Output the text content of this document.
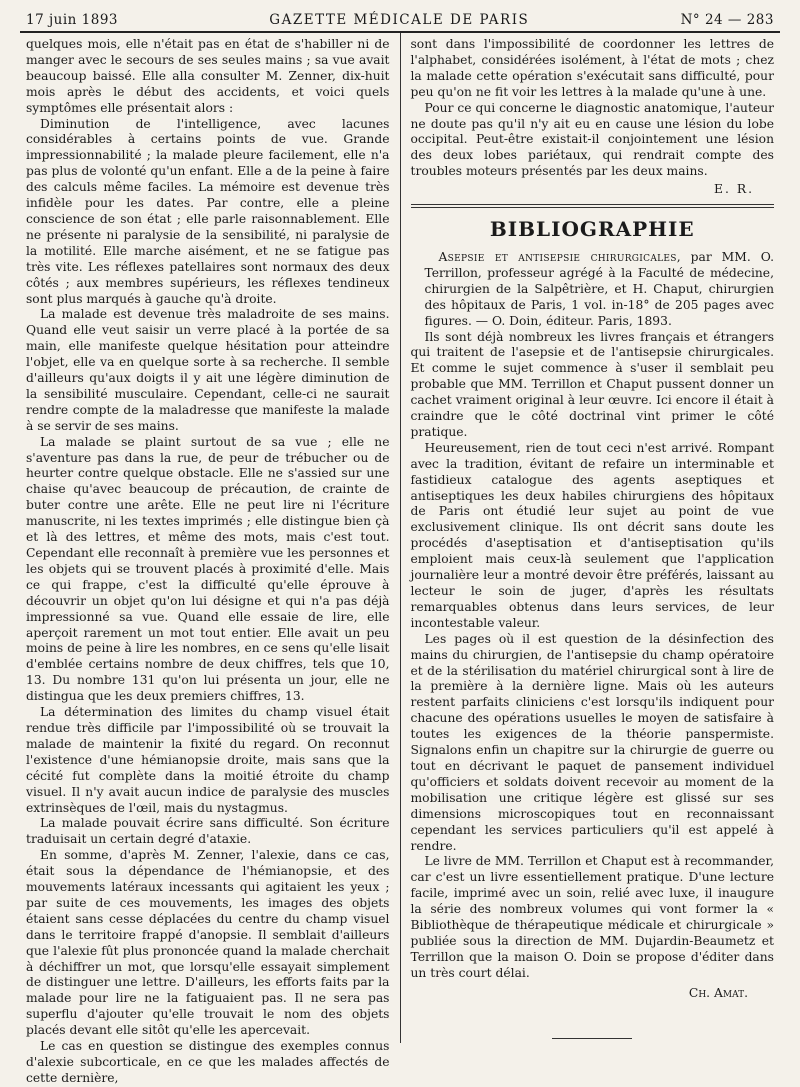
17 juin 1893	GAZETTE MÉDICALE DE PARIS	N° 24 — 283

quelques mois, elle n'était pas en état de s'habiller ni de manger avec le secours de ses seules mains ; sa vue avait beaucoup baissé. Elle alla consulter M. Zenner, dix-huit mois après le début des accidents, et voici quels symptômes elle présentait alors :

Diminution de l'intelligence, avec lacunes considérables à certains points de vue. Grande impressionnabilité ; la malade pleure facilement, elle n'a pas plus de volonté qu'un enfant. Elle a de la peine à faire des calculs même faciles. La mémoire est devenue très infidèle pour les dates. Par contre, elle a pleine conscience de son état ; elle parle raisonnablement. Elle ne présente ni paralysie de la sensibilité, ni paralysie de la motilité. Elle marche aisément, et ne se fatigue pas très vite. Les réflexes patellaires sont normaux des deux côtés ; aux membres supérieurs, les réflexes tendineux sont plus marqués à gauche qu'à droite.

La malade est devenue très maladroite de ses mains. Quand elle veut saisir un verre placé à la portée de sa main, elle manifeste quelque hésitation pour atteindre l'objet, elle va en quelque sorte à sa recherche. Il semble d'ailleurs qu'aux doigts il y ait une légère diminution de la sensibilité musculaire. Cependant, celle-ci ne saurait rendre compte de la maladresse que manifeste la malade à se servir de ses mains.

La malade se plaint surtout de sa vue ; elle ne s'aventure pas dans la rue, de peur de trébucher ou de heurter contre quelque obstacle. Elle ne s'assied sur une chaise qu'avec beaucoup de précaution, de crainte de buter contre une arête. Elle ne peut lire ni l'écriture manuscrite, ni les textes imprimés ; elle distingue bien çà et là des lettres, et même des mots, mais c'est tout. Cependant elle reconnaît à première vue les personnes et les objets qui se trouvent placés à proximité d'elle. Mais ce qui frappe, c'est la difficulté qu'elle éprouve à découvrir un objet qu'on lui désigne et qui n'a pas déjà impressionné sa vue. Quand elle essaie de lire, elle aperçoit rarement un mot tout entier. Elle avait un peu moins de peine à lire les nombres, en ce sens qu'elle lisait d'emblée certains nombre de deux chiffres, tels que 10, 13. Du nombre 131 qu'on lui présenta un jour, elle ne distingua que les deux premiers chiffres, 13.

La détermination des limites du champ visuel était rendue très difficile par l'impossibilité où se trouvait la malade de maintenir la fixité du regard. On reconnut l'existence d'une hémianopsie droite, mais sans que la cécité fut complète dans la moitié étroite du champ visuel. Il n'y avait aucun indice de paralysie des muscles extrinsèques de l'œil, mais du nystagmus.

La malade pouvait écrire sans difficulté. Son écriture traduisait un certain degré d'ataxie.

En somme, d'après M. Zenner, l'alexie, dans ce cas, était sous la dépendance de l'hémianopsie, et des mouvements latéraux incessants qui agitaient les yeux ; par suite de ces mouvements, les images des objets étaient sans cesse déplacées du centre du champ visuel dans le territoire frappé d'anopsie. Il semblait d'ailleurs que l'alexie fût plus prononcée quand la malade cherchait à déchiffrer un mot, que lorsqu'elle essayait simplement de distinguer une lettre. D'ailleurs, les efforts faits par la malade pour lire ne la fatiguaient pas. Il ne sera pas superflu d'ajouter qu'elle trouvait le nom des objets placés devant elle sitôt qu'elle les apercevait.

Le cas en question se distingue des exemples connus d'alexie subcorticale, en ce que les malades affectés de cette dernière,

sont dans l'impossibilité de coordonner les lettres de l'alphabet, considérées isolément, à l'état de mots ; chez la malade cette opération s'exécutait sans difficulté, pour peu qu'on ne fit voir les lettres à la malade qu'une à une.

Pour ce qui concerne le diagnostic anatomique, l'auteur ne doute pas qu'il n'y ait eu en cause une lésion du lobe occipital. Peut-être existait-il conjointement une lésion des deux lobes pariétaux, qui rendrait compte des troubles moteurs présentés par les deux mains.

E. R.
BIBLIOGRAPHIE

Asepsie et antisepsie chirurgicales, par MM. O. Terrillon, professeur agrégé à la Faculté de médecine, chirurgien de la Salpêtrière, et H. Chaput, chirurgien des hôpitaux de Paris, 1 vol. in-18° de 205 pages avec figures. — O. Doin, éditeur. Paris, 1893.

Ils sont déjà nombreux les livres français et étrangers qui traitent de l'asepsie et de l'antisepsie chirurgicales. Et comme le sujet commence à s'user il semblait peu probable que MM. Terrillon et Chaput pussent donner un cachet vraiment original à leur œuvre. Ici encore il était à craindre que le côté doctrinal vint primer le côté pratique.

Heureusement, rien de tout ceci n'est arrivé. Rompant avec la tradition, évitant de refaire un interminable et fastidieux catalogue des agents aseptiques et antiseptiques les deux habiles chirurgiens des hôpitaux de Paris ont étudié leur sujet au point de vue exclusivement clinique. Ils ont décrit sans doute les procédés d'aseptisation et d'antiseptisation qu'ils emploient mais ceux-là seulement que l'application journalière leur a montré devoir être préférés, laissant au lecteur le soin de juger, d'après les résultats remarquables obtenus dans leurs services, de leur incontestable valeur.

Les pages où il est question de la désinfection des mains du chirurgien, de l'antisepsie du champ opératoire et de la stérilisation du matériel chirurgical sont à lire de la première à la dernière ligne. Mais où les auteurs restent parfaits cliniciens c'est lorsqu'ils indiquent pour chacune des opérations usuelles le moyen de satisfaire à toutes les exigences de la théorie panspermiste. Signalons enfin un chapitre sur la chirurgie de guerre ou tout en décrivant le paquet de pansement individuel qu'officiers et soldats doivent recevoir au moment de la mobilisation une critique légère est glissé sur ses dimensions microscopiques tout en reconnaissant cependant les services particuliers qu'il est appelé à rendre.

Le livre de MM. Terrillon et Chaput est à recommander, car c'est un livre essentiellement pratique. D'une lecture facile, imprimé avec un soin, relié avec luxe, il inaugure la série des nombreux volumes qui vont former la « Bibliothèque de thérapeutique médicale et chirurgicale » publiée sous la direction de MM. Dujardin-Beaumetz et Terrillon que la maison O. Doin se propose d'éditer dans un très court délai.

Ch. Amat.
